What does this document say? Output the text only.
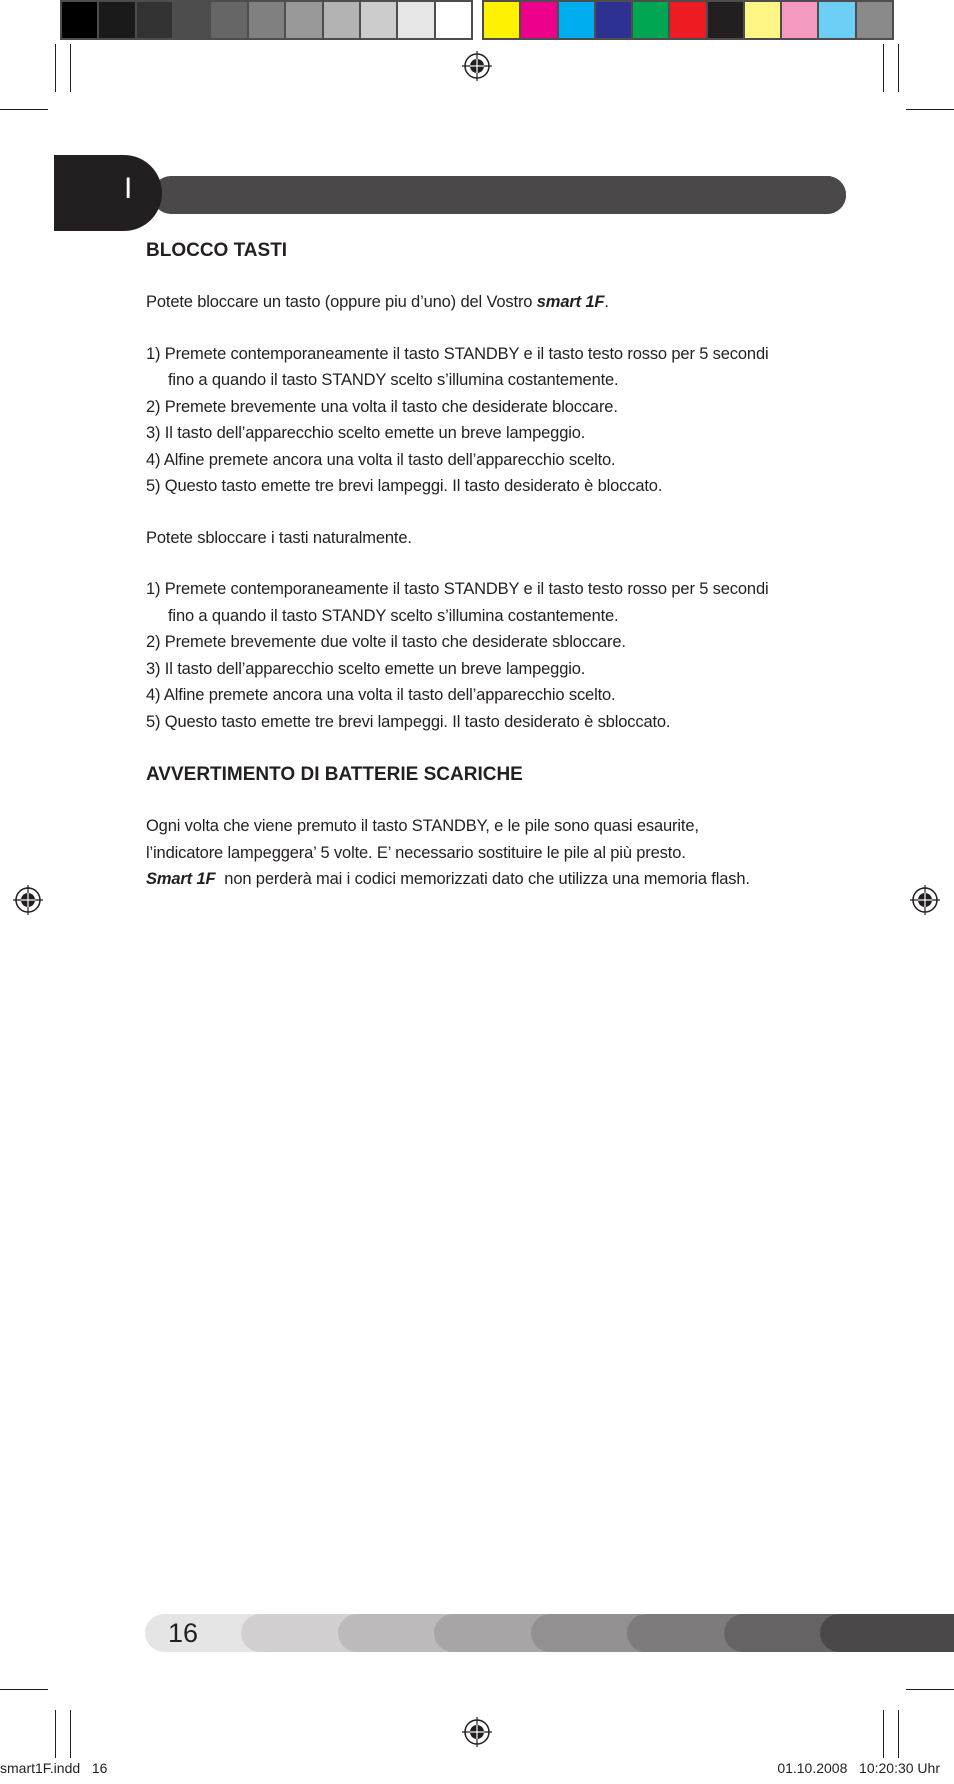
I
BLOCCO TASTI

Potete bloccare un tasto (oppure piu d’uno) del Vostro smart 1F.

1) Premete contemporaneamente il tasto STANDBY e il tasto testo rosso per 5 secondi
fino a quando il tasto STANDY scelto s’illumina costantemente.
2) Premete brevemente una volta il tasto che desiderate bloccare.
3) Il tasto dell’apparecchio scelto emette un breve lampeggio.
4) Alfine premete ancora una volta il tasto dell’apparecchio scelto.
5) Questo tasto emette tre brevi lampeggi. Il tasto desiderato è bloccato.

Potete sbloccare i tasti naturalmente.

1) Premete contemporaneamente il tasto STANDBY e il tasto testo rosso per 5 secondi
fino a quando il tasto STANDY scelto s’illumina costantemente.
2) Premete brevemente due volte il tasto che desiderate sbloccare.
3) Il tasto dell’apparecchio scelto emette un breve lampeggio.
4) Alfine premete ancora una volta il tasto dell’apparecchio scelto.
5) Questo tasto emette tre brevi lampeggi. Il tasto desiderato è sbloccato.
AVVERTIMENTO DI BATTERIE SCARICHE

Ogni volta che viene premuto il tasto STANDBY, e le pile sono quasi esaurite,

l’indicatore lampeggera’ 5 volte. E’ necessario sostituire le pile al più presto.

Smart 1F  non perderà mai i codici memorizzati dato che utilizza una memoria flash.

16
smart1F.indd   16	01.10.2008   10:20:30 Uhr
